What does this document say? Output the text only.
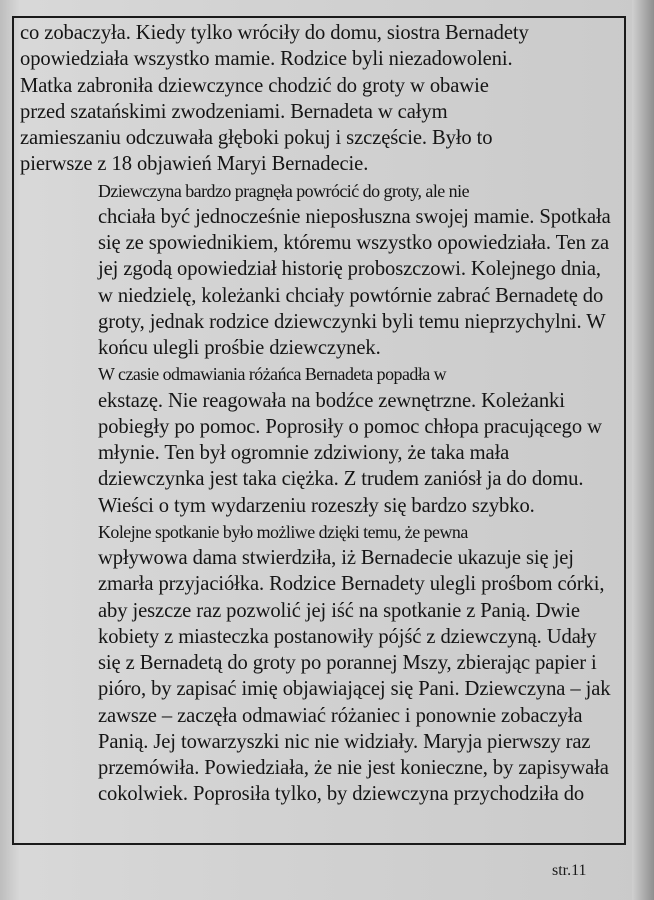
co zobaczyła. Kiedy tylko wróciły do domu, siostra Bernadety
opowiedziała wszystko mamie. Rodzice byli niezadowoleni.
Matka zabroniła dziewczynce chodzić do groty w obawie
przed szatańskimi zwodzeniami. Bernadeta w całym
zamieszaniu odczuwała głęboki pokuj i szczęście. Było to
pierwsze z 18 objawień Maryi Bernadecie.

Dziewczyna bardzo pragnęła powrócić do groty, ale nie
chciała być jednocześnie nieposłuszna swojej mamie. Spotkała
się ze spowiednikiem, któremu wszystko opowiedziała. Ten za
jej zgodą opowiedział historię proboszczowi. Kolejnego dnia,
w niedzielę, koleżanki chciały powtórnie zabrać Bernadetę do
groty, jednak rodzice dziewczynki byli temu nieprzychylni. W
końcu ulegli prośbie dziewczynek.

W czasie odmawiania różańca Bernadeta popadła w
ekstazę. Nie reagowała na bodźce zewnętrzne. Koleżanki
pobiegły po pomoc. Poprosiły o pomoc chłopa pracującego w
młynie. Ten był ogromnie zdziwiony, że taka mała
dziewczynka jest taka ciężka. Z trudem zaniósł ja do domu.
Wieści o tym wydarzeniu rozeszły się bardzo szybko.

Kolejne spotkanie było możliwe dzięki temu, że pewna
wpływowa dama stwierdziła, iż Bernadecie ukazuje się jej
zmarła przyjaciółka. Rodzice Bernadety ulegli prośbom córki,
aby jeszcze raz pozwolić jej iść na spotkanie z Panią. Dwie
kobiety z miasteczka postanowiły pójść z dziewczyną. Udały
się z Bernadetą do groty po porannej Mszy, zbierając papier i
pióro, by zapisać imię objawiającej się Pani. Dziewczyna – jak
zawsze – zaczęła odmawiać różaniec i ponownie zobaczyła
Panią. Jej towarzyszki nic nie widziały. Maryja pierwszy raz
przemówiła. Powiedziała, że nie jest konieczne, by zapisywała
cokolwiek. Poprosiła tylko, by dziewczyna przychodziła do

str.11
